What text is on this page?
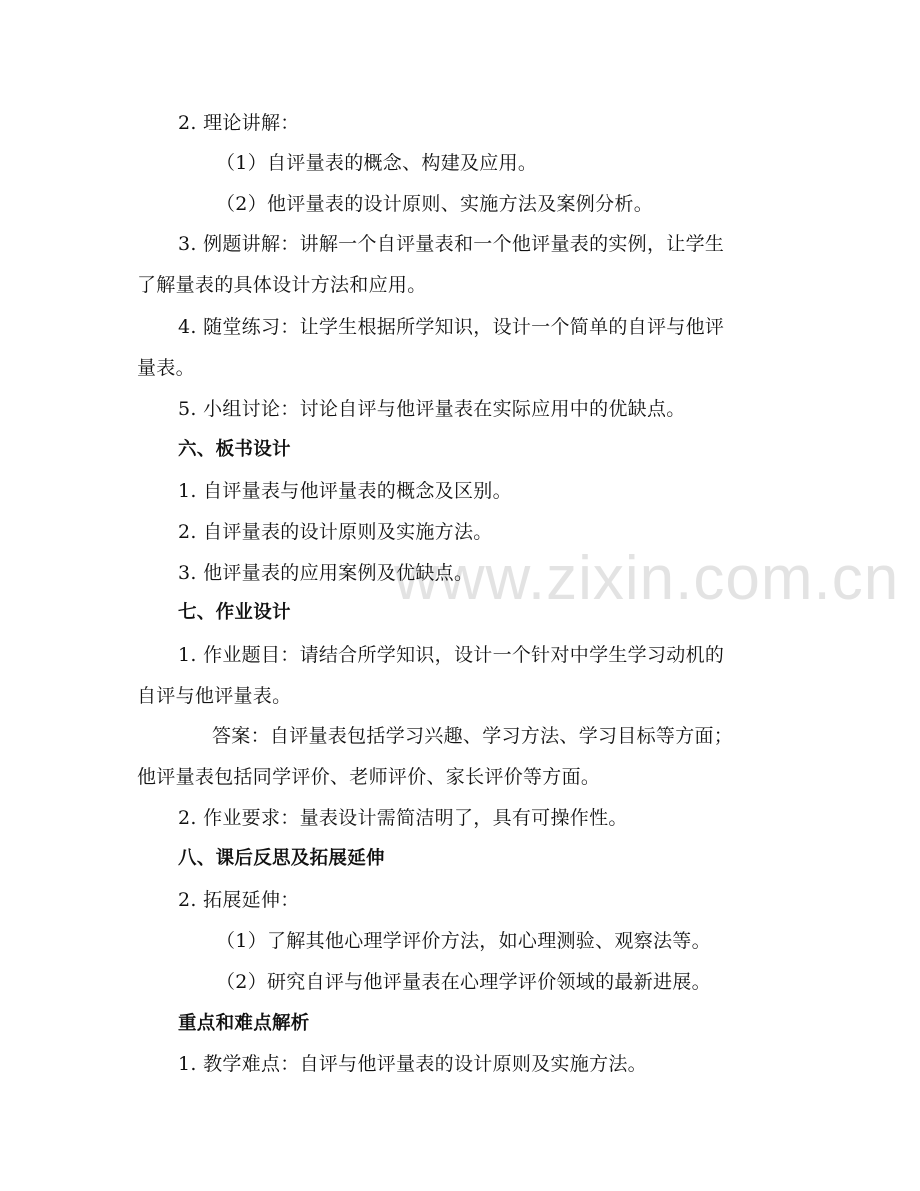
www.zixin.com.cn
2. 理论讲解：
（1）自评量表的概念、构建及应用。
（2）他评量表的设计原则、实施方法及案例分析。
3. 例题讲解：讲解一个自评量表和一个他评量表的实例，让学生
了解量表的具体设计方法和应用。
4. 随堂练习：让学生根据所学知识，设计一个简单的自评与他评
量表。
5. 小组讨论：讨论自评与他评量表在实际应用中的优缺点。
六、板书设计
1. 自评量表与他评量表的概念及区别。
2. 自评量表的设计原则及实施方法。
3. 他评量表的应用案例及优缺点。
七、作业设计
1. 作业题目：请结合所学知识，设计一个针对中学生学习动机的
自评与他评量表。
答案：自评量表包括学习兴趣、学习方法、学习目标等方面；
他评量表包括同学评价、老师评价、家长评价等方面。
2. 作业要求：量表设计需简洁明了，具有可操作性。
八、课后反思及拓展延伸
2. 拓展延伸：
（1）了解其他心理学评价方法，如心理测验、观察法等。
（2）研究自评与他评量表在心理学评价领域的最新进展。
重点和难点解析
1. 教学难点：自评与他评量表的设计原则及实施方法。
